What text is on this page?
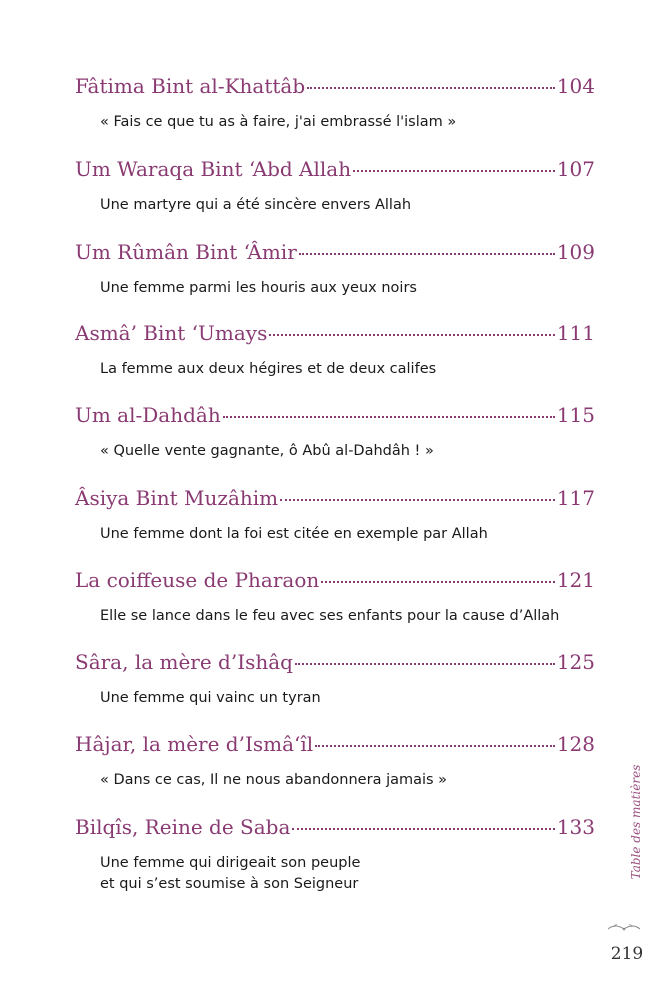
Fâtima Bint al-Khattâb	104
« Fais ce que tu as à faire, j'ai embrassé l'islam »
Um Waraqa Bint ‘Abd Allah	107
Une martyre qui a été sincère envers Allah
Um Rûmân Bint ‘Âmir	109
Une femme parmi les houris aux yeux noirs
Asmâ’ Bint ‘Umays	111
La femme aux deux hégires et de deux califes
Um al-Dahdâh	115
« Quelle vente gagnante, ô Abû al-Dahdâh ! »
Âsiya Bint Muzâhim	117
Une femme dont la foi est citée en exemple par Allah
La coiffeuse de Pharaon	121
Elle se lance dans le feu avec ses enfants pour la cause d’Allah
Sâra, la mère d’Ishâq	125
Une femme qui vainc un tyran
Hâjar, la mère d’Ismâ‘îl	128
« Dans ce cas, Il ne nous abandonnera jamais »
Bilqîs, Reine de Saba	133
Une femme qui dirigeait son peuple
et qui s’est soumise à son Seigneur
Table des matières
219
